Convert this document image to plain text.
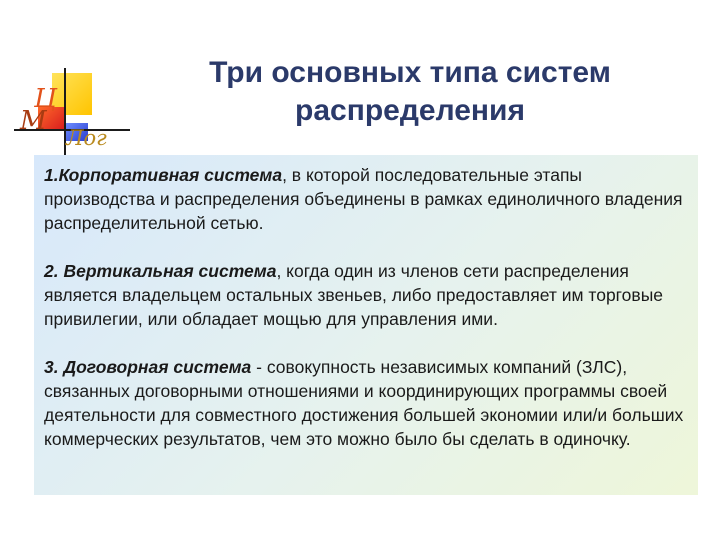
Ц
М
Лог
Три основных типа систем
распределения

1.Корпоративная система, в которой последовательные этапы производства и распределения объединены в рамках единоличного владения распределительной сетью.

2. Вертикальная система, когда один из членов сети распределения является владельцем остальных звеньев, либо предоставляет им торговые привилегии, или обладает мощью для управления ими.

3. Договорная система - совокупность независимых компаний (ЗЛС), связанных договорными отношениями и координирующих программы своей деятельности для совместного достижения большей экономии или/и больших коммерческих результатов, чем это можно было бы сделать в одиночку.
